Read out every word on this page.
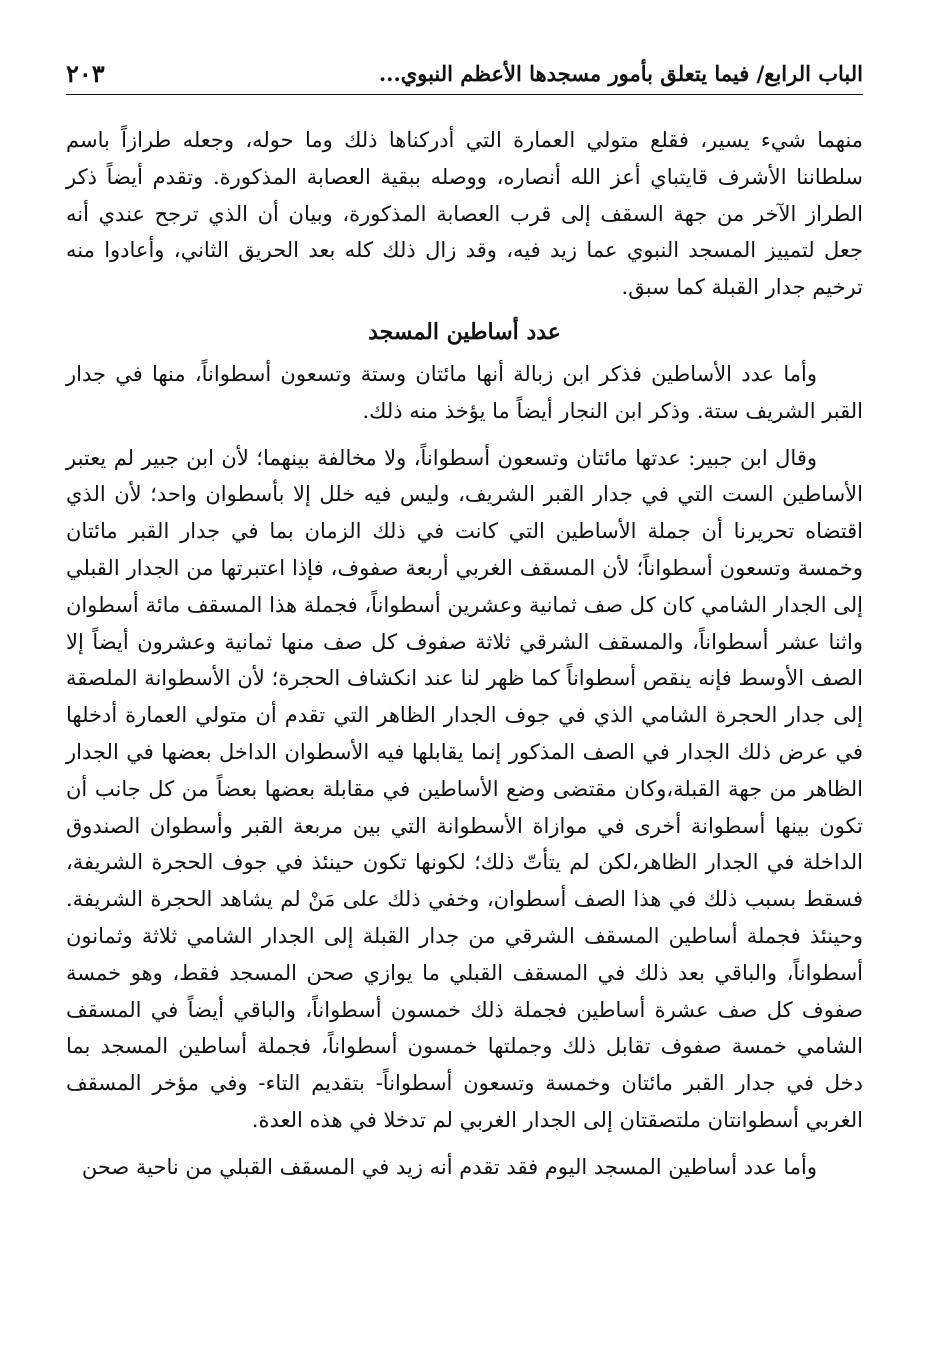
الباب الرابع/ فيما يتعلق بأمور مسجدها الأعظم النبوي...
٢٠٣

منهما شيء يسير، فقلع متولي العمارة التي أدركناها ذلك وما حوله، وجعله طرازاً باسم سلطاننا الأشرف قايتباي أعز الله أنصاره، ووصله ببقية العصابة المذكورة. وتقدم أيضاً ذكر الطراز الآخر من جهة السقف إلى قرب العصابة المذكورة، وبيان أن الذي ترجح عندي أنه جعل لتمييز المسجد النبوي عما زيد فيه، وقد زال ذلك كله بعد الحريق الثاني، وأعادوا منه ترخيم جدار القبلة كما سبق.

عدد أساطين المسجد

وأما عدد الأساطين فذكر ابن زبالة أنها مائتان وستة وتسعون أسطواناً، منها في جدار القبر الشريف ستة. وذكر ابن النجار أيضاً ما يؤخذ منه ذلك.

وقال ابن جبير: عدتها مائتان وتسعون أسطواناً، ولا مخالفة بينهما؛ لأن ابن جبير لم يعتبر الأساطين الست التي في جدار القبر الشريف، وليس فيه خلل إلا بأسطوان واحد؛ لأن الذي اقتضاه تحريرنا أن جملة الأساطين التي كانت في ذلك الزمان بما في جدار القبر مائتان وخمسة وتسعون أسطواناً؛ لأن المسقف الغربي أربعة صفوف، فإذا اعتبرتها من الجدار القبلي إلى الجدار الشامي كان كل صف ثمانية وعشرين أسطواناً، فجملة هذا المسقف مائة أسطوان واثنا عشر أسطواناً، والمسقف الشرقي ثلاثة صفوف كل صف منها ثمانية وعشرون أيضاً إلا الصف الأوسط فإنه ينقص أسطواناً كما ظهر لنا عند انكشاف الحجرة؛ لأن الأسطوانة الملصقة إلى جدار الحجرة الشامي الذي في جوف الجدار الظاهر التي تقدم أن متولي العمارة أدخلها في عرض ذلك الجدار في الصف المذكور إنما يقابلها فيه الأسطوان الداخل بعضها في الجدار الظاهر من جهة القبلة،وكان مقتضى وضع الأساطين في مقابلة بعضها بعضاً من كل جانب أن تكون بينها أسطوانة أخرى في موازاة الأسطوانة التي بين مربعة القبر وأسطوان الصندوق الداخلة في الجدار الظاهر،لكن لم يتأتّ ذلك؛ لكونها تكون حينئذ في جوف الحجرة الشريفة، فسقط بسبب ذلك في هذا الصف أسطوان، وخفي ذلك على مَنْ لم يشاهد الحجرة الشريفة. وحينئذ فجملة أساطين المسقف الشرقي من جدار القبلة إلى الجدار الشامي ثلاثة وثمانون أسطواناً، والباقي بعد ذلك في المسقف القبلي ما يوازي صحن المسجد فقط، وهو خمسة صفوف كل صف عشرة أساطين فجملة ذلك خمسون أسطواناً، والباقي أيضاً في المسقف الشامي خمسة صفوف تقابل ذلك وجملتها خمسون أسطواناً، فجملة أساطين المسجد بما دخل في جدار القبر مائتان وخمسة وتسعون أسطواناً- بتقديم التاء- وفي مؤخر المسقف الغربي أسطوانتان ملتصقتان إلى الجدار الغربي لم تدخلا في هذه العدة.

وأما عدد أساطين المسجد اليوم فقد تقدم أنه زيد في المسقف القبلي من ناحية صحن
